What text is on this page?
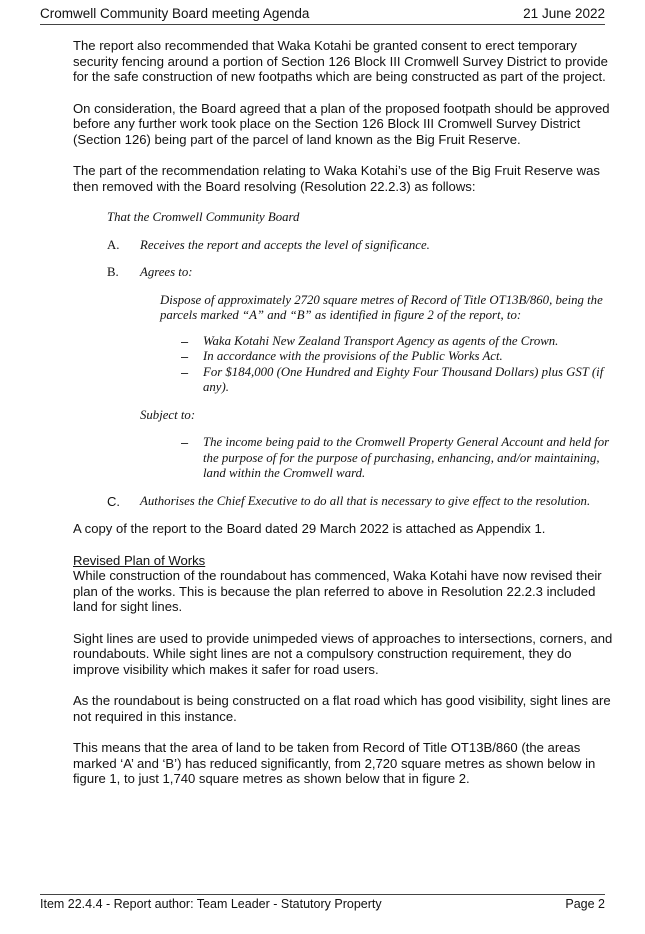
Cromwell Community Board meeting Agenda	21 June 2022

The report also recommended that Waka Kotahi be granted consent to erect temporary security fencing around a portion of Section 126 Block III Cromwell Survey District to provide for the safe construction of new footpaths which are being constructed as part of the project.

On consideration, the Board agreed that a plan of the proposed footpath should be approved before any further work took place on the Section 126 Block III Cromwell Survey District (Section 126) being part of the parcel of land known as the Big Fruit Reserve.

The part of the recommendation relating to Waka Kotahi’s use of the Big Fruit Reserve was then removed with the Board resolving (Resolution 22.2.3) as follows:

That the Cromwell Community Board
A. Receives the report and accepts the level of significance.
B. Agrees to:
Dispose of approximately 2720 square metres of Record of Title OT13B/860, being the parcels marked “A” and “B” as identified in figure 2 of the report, to:
– Waka Kotahi New Zealand Transport Agency as agents of the Crown.
– In accordance with the provisions of the Public Works Act.
– For $184,000 (One Hundred and Eighty Four Thousand Dollars) plus GST (if any).
Subject to:
– The income being paid to the Cromwell Property General Account and held for the purpose of for the purpose of purchasing, enhancing, and/or maintaining, land within the Cromwell ward.
C. Authorises the Chief Executive to do all that is necessary to give effect to the resolution.

A copy of the report to the Board dated 29 March 2022 is attached as Appendix 1.

Revised Plan of Works
While construction of the roundabout has commenced, Waka Kotahi have now revised their plan of the works. This is because the plan referred to above in Resolution 22.2.3 included land for sight lines.

Sight lines are used to provide unimpeded views of approaches to intersections, corners, and roundabouts. While sight lines are not a compulsory construction requirement, they do improve visibility which makes it safer for road users.

As the roundabout is being constructed on a flat road which has good visibility, sight lines are not required in this instance.

This means that the area of land to be taken from Record of Title OT13B/860 (the areas marked ‘A’ and ‘B’) has reduced significantly, from 2,720 square metres as shown below in figure 1, to just 1,740 square metres as shown below that in figure 2.

Item 22.4.4 - Report author: Team Leader - Statutory Property	Page 2
